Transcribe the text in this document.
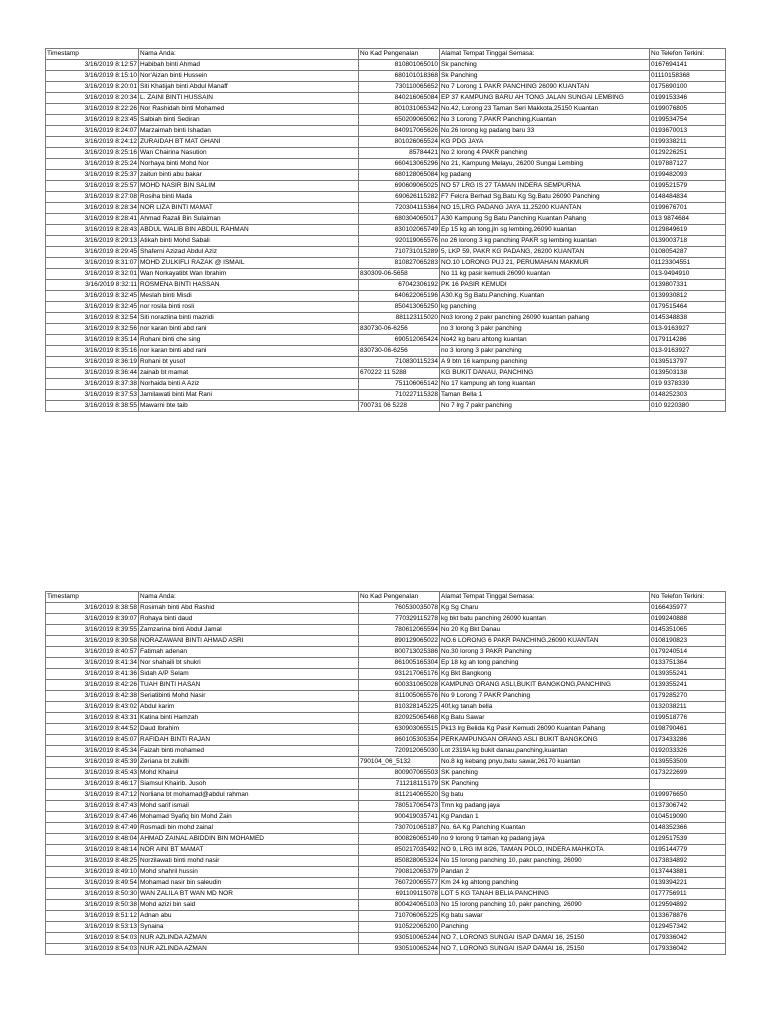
Timestamp	Nama Anda:	No Kad Pengenalan	Alamat Tempat Tinggal Semasa:	No Telefon Terkini:
3/16/2019 8:12:57	Habibah binti Ahmad	810801065010	Sk panching	0167694141
3/16/2019 8:15:10	Nor'Aizan binti Hussein	680101018368	Sk Panching	01110158368
3/16/2019 8:20:01	Siti Khatijah binti Abdul Manaff	730110065652	No 7 Lorong 1 PAKR PANCHING 26090 KUANTAN	0175690100
3/16/2019 8:20:34	L. ZAINI BINTI HUSSAIN	840216065084	EP 37 KAMPUNG BARU AH TONG JALAN SUNGAI LEMBING	0199153346
3/16/2019 8:22:26	Nor Rashidah binti Mohamed	801031065342	No.42, Lorong 23 Taman Seri Makkota,25150 Kuantan	0199076805
3/16/2019 8:23:45	Salbiah binti Sediran	650209065062	No 3 Lorong 7,PAKR Panching,Kuantan	0199534754
3/16/2019 8:24:07	Marzaimah binti Ishadan	840917065626	No 26 lorong kg padang baru 33	0193670013
3/16/2019 8:24:12	ZURAIDAH BT MAT GHANI	801026065524	KG PDG JAYA	0199338211
3/16/2019 8:25:16	Wan Chairina Nasution	85784421	No 2 lorong 4 PAKR panching	0129226251
3/16/2019 8:25:24	Norhaya binti Mohd Nor	660413065296	No 21, Kampung Melayu, 26200 Sungai Lembing	0197887127
3/16/2019 8:25:37	zaitun binti abu bakar	680128065084	kg padang	0199482093
3/16/2019 8:25:57	MOHD NASIR BIN SALIM	690609065025	NO 57 LRG IS 27 TAMAN INDERA SEMPURNA	0199521579
3/16/2019 8:27:08	Rosiha binti Mada	690626115282	F7 Felcra Berhad Sg.Batu Kg Sg.Batu 26090 Panching	0148484834
3/16/2019 8:28:34	NOR LIZA BINTI MAMAT	720304115364	NO 15,LRG PADANG JAYA 11,25200 KUANTAN	0199676701
3/16/2019 8:28:41	Ahmad Razali Bin Sulaiman	680304065017	A30 Kampung Sg Batu Panching Kuantan Pahang	013 9874684
3/16/2019 8:28:43	ABDUL WALIB BIN ABDUL RAHMAN	830102065749	Ep 15 kg ah tong,jln sg lembing,26090 kuantan	0129849619
3/16/2019 8:29:13	Atikah binti Mohd Sabali	920119065576	no 26 lorong 3 kg panching PAKR sg lembing kuantan	0139003718
3/16/2019 8:29:45	Shaferni Azizad Abdul Aziz	710731015289	5, LKP 59, PAKR KG PADANG, 26200 KUANTAN	0108054287
3/16/2019 8:31:07	MOHD ZULKIFLI RAZAK @ ISMAIL	810827065283	NO.10 LORONG PUJ 21, PERUMAHAN MAKMUR	01123304551
3/16/2019 8:32:01	Wan Norkayatibt Wan Ibrahim	830309-06-5658	No 11 kg pasir kemudi 26090 kuantan	013-9494910
3/16/2019 8:32:11	ROSMENA BINTI HASSAN	67042306192	PK 16 PASIR KEMUDI	0139807331
3/16/2019 8:32:45	Meslah binti Misdi	640622065196	A30.Kg Sg Batu.Panching. Kuantan	0139930812
3/16/2019 8:32:45	nor rosila binti rosli	850413065250	kg panching	0179515464
3/16/2019 8:32:54	Siti norazlina binti mazridi	881123115020	No3 lorong 2 pakr panching 26090 kuantan pahang	0145348838
3/16/2019 8:32:56	nor karan binti abd rani	830730-06-6256	no 3 lorong 3 pakr panching	013-9163927
3/16/2019 8:35:14	Rohani binti che sing	690512065424	No42 kg baru ahtong kuantan	0179114286
3/16/2019 8:35:16	nor karan binti abd rani	830730-06-6256	no 3 lorong 3 pakr panching	013-9163927
3/16/2019 8:36:19	Rohani bt yusof	710830115234	A 9 btn 16 kampung panching	0139513797
3/16/2019 8:36:44	zainab bt mamat	670222 11 5288	KG BUKIT DANAU, PANCHING	0139503138
3/16/2019 8:37:38	Norhaida binti A Aziz	751106065142	No 17 kampung ah tong kuantan	019 9378339
3/16/2019 8:37:53	Jamilawati binti Mat Rani	710227115328	Taman Bella 1	0148252303
3/16/2019 8:38:55	Mawarni bte taib	700731 06 5228	No 7 lrg 7 pakr panching	010 9220380
Timestamp	Nama Anda:	No Kad Pengenalan	Alamat Tempat Tinggal Semasa:	No Telefon Terkini:
3/16/2019 8:38:58	Rosimah binti Abd Rashid	760530035078	Kg Sg Charu	0166435977
3/16/2019 8:39:07	Rohaya binti daud	770329115278	kg bkt batu panching 26090 kuantan	0199240888
3/16/2019 8:39:55	Zamzarina binti Abdul Jamal	780612065594	No 20 Kg Bkt Danau	0145351065
3/16/2019 8:39:58	NORAZAWANI BINTI AHMAD ASRI	890129065022	NO.6 LORONG 6 PAKR PANCHING,26090 KUANTAN	0108190823
3/16/2019 8:40:57	Fatimah adenan	800713025386	No.30 lorong 3 PAKR Panching	0179240514
3/16/2019 8:41:34	Nor shahaili bt shukri	861005165304	Ep 18 kg ah tong panching	0133751364
3/16/2019 8:41:36	Sidah A/P Selam	931217065176	Kg Bkt Bangkong	0139355241
3/16/2019 8:42:26	TUAH BINTI HASAN	600331065028	KAMPUNG ORANG ASLI,BUKIT BANGKONG,PANCHING	0139355241
3/16/2019 8:42:38	Seriatibinti Mohd Nasir	811005065576	No 9 Lorong 7 PAKR Panching	0179285270
3/16/2019 8:43:02	Abdul karim	810328145225	40f,kg tanah bella	0132038211
3/16/2019 8:43:31	Katina binti Hamzah	820925065468	Kg Batu Sawar	0199518776
3/16/2019 8:44:52	Daud Ibrahim	630903065515	Pk13 lrg Belida Kg Pasir Kemudi 26090 Kuantan Pahang	0198790461
3/16/2019 8:45:07	RAFIDAH BINTI RAJAN	860105305354	PERKAMPUNGAN ORANG ASLI BUKIT BANGKONG	0173433286
3/16/2019 8:45:34	Faizah binti mohamed	720912065030	Lot 2319A kg bukit danau,panching,kuantan	0192033326
3/16/2019 8:45:39	Zeriana bt zulkifli	790104_06_5132	No.8 kg kebang pnyu,batu sawar,26170 kuantan	0139553509
3/16/2019 8:45:43	Mohd Khairul	800907065503	SK panching	0173222699
3/16/2019 8:46:17	Siamsul Khairib. Jusoh	711218115179	SK Panching	
3/16/2019 8:47:12	Norliana bt mohamad@abdul rahman	811214065520	Sg batu	0199976650
3/16/2019 8:47:43	Mohd sarif ismail	780517065473	Tmn kg padang jaya	0137306742
3/16/2019 8:47:46	Mohamad Syafiq bin Mohd Zain	900419035741	Kg Pandan 1	0104519090
3/16/2019 8:47:49	Rosmadi bin mohd zainal	730701065187	No. 6A Kg Panching Kuantan	0148352366
3/16/2019 8:48:04	AHMAD ZAINAL ABIDDIN BIN MOHAMED	800826065149	no 9 lorong 9 taman kg padang jaya	0129517539
3/16/2019 8:48:14	NOR AINI BT MAMAT	850217035492	NO 9, LRG IM 8/26, TAMAN POLO, INDERA MAHKOTA	0195144779
3/16/2019 8:48:25	Norzilawati binti mohd nasir	850828065324	No 15 lorong panching 10, pakr panching, 26090	0173834892
3/16/2019 8:49:10	Mohd shahril hussin	790812065379	Pandan 2	0137443881
3/16/2019 8:49:54	Mohamad nasir bin saleudin	760720065577	Km 24 kg ahtong panching	0139394221
3/16/2019 8:50:30	WAN ZALILA BT WAN MD NOR	691109115078	LOT 5 KG TANAH BELIA PANCHING	0177756911
3/16/2019 8:50:38	Mohd azizi bin said	800424065103	No 15 lorong panching 10, pakr panching, 26090	0129594892
3/16/2019 8:51:12	Adnan abu	710706065225	Kg batu sawar	0133678876
3/16/2019 8:53:13	Synaina	910522065200	Panching	0129457342
3/16/2019 8:54:03	NUR AZLINDA AZMAN	930510065244	NO 7, LORONG SUNGAI ISAP DAMAI 16, 25150	0179336042
3/16/2019 8:54:03	NUR AZLINDA AZMAN	930510065244	NO 7, LORONG SUNGAI ISAP DAMAI 16, 25150	0179336042
